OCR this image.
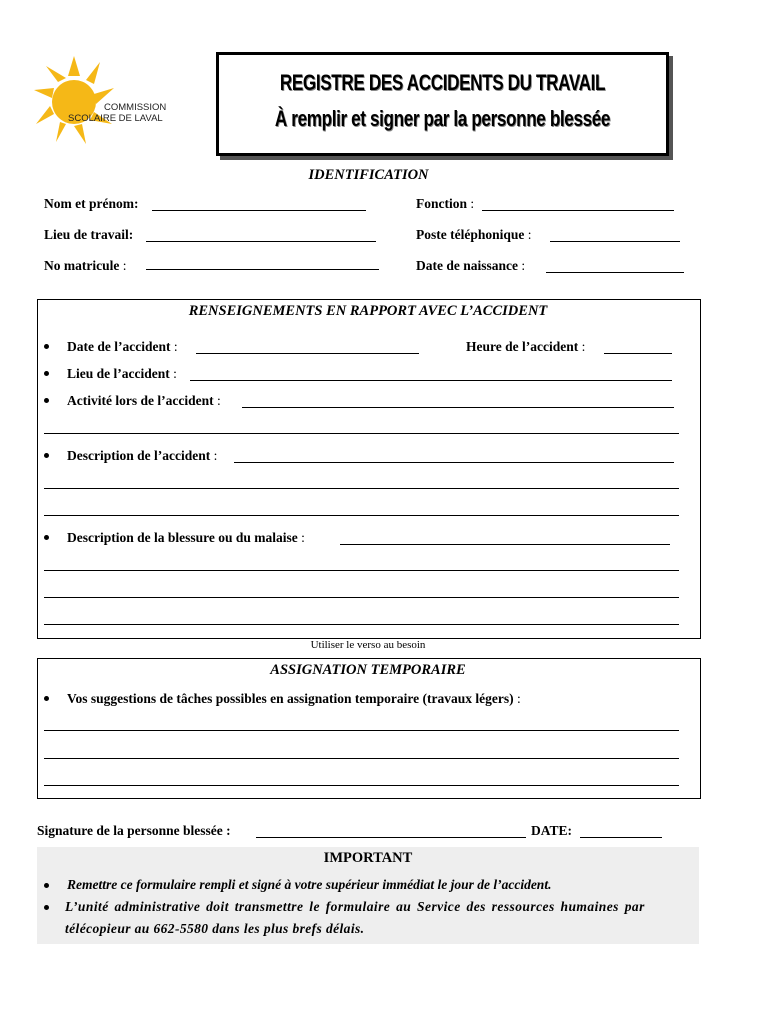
COMMISSION
SCOLAIRE DE LAVAL
REGISTRE DES ACCIDENTS DU TRAVAIL
À remplir et signer par la personne blessée
IDENTIFICATION
Nom et prénom:	Fonction :
Lieu de travail:	Poste téléphonique :
No matricule :	Date de naissance :
RENSEIGNEMENTS EN RAPPORT AVEC L’ACCIDENT
Date de l’accident :	Heure de l’accident :
Lieu de l’accident :
Activité lors de l’accident :
Description de l’accident :
Description de la blessure ou du malaise :
Utiliser le verso au besoin
ASSIGNATION TEMPORAIRE
Vos suggestions de tâches possibles en assignation temporaire (travaux légers) :
Signature de la personne blessée :	DATE:
IMPORTANT
Remettre ce formulaire rempli et signé à votre supérieur immédiat le jour de l’accident.
L’unité administrative doit transmettre le formulaire au Service des ressources humaines par
télécopieur au 662-5580 dans les plus brefs délais.
